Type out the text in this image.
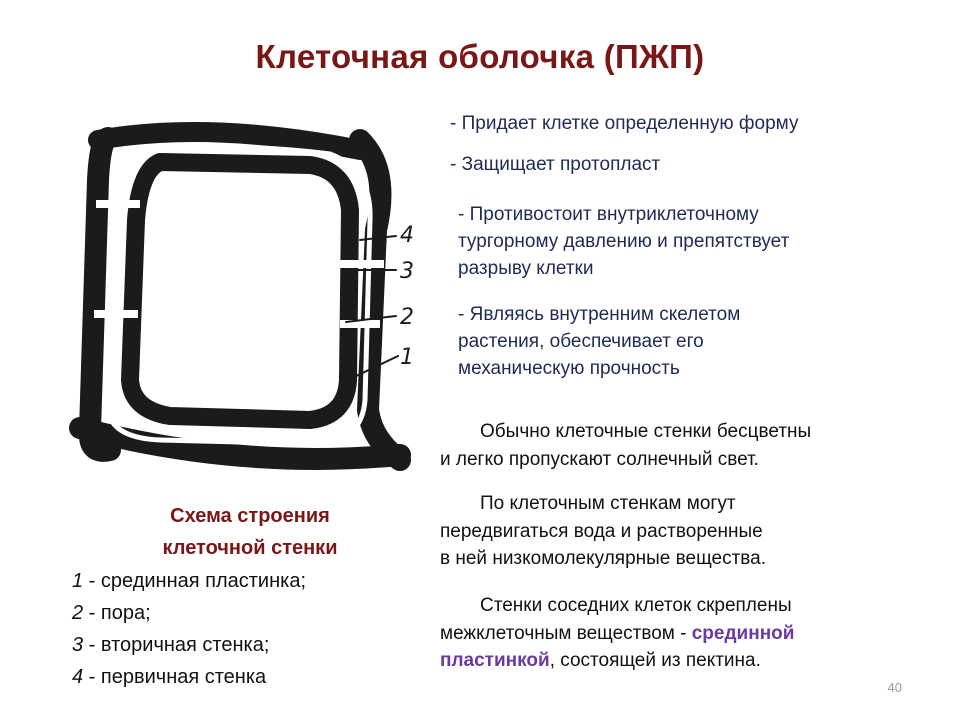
Клеточная оболочка (ПЖП)
- Придает клетке определенную форму
- Защищает протопласт
- Противостоит внутриклеточному
тургорному давлению и препятствует
разрыву клетки
- Являясь внутренним скелетом
растения, обеспечивает его
механическую прочность
Обычно клеточные стенки бесцветны
и легко пропускают солнечный свет.
По клеточным стенкам могут
передвигаться вода и растворенные
в ней низкомолекулярные вещества.
Стенки соседних клеток скреплены
межклеточным веществом - срединной
пластинкой, состоящей из пектина.
4
3
2
1
Схема строения
клеточной стенки
1 - срединная пластинка;
2 - пора;
3 - вторичная стенка;
4 - первичная стенка	40
